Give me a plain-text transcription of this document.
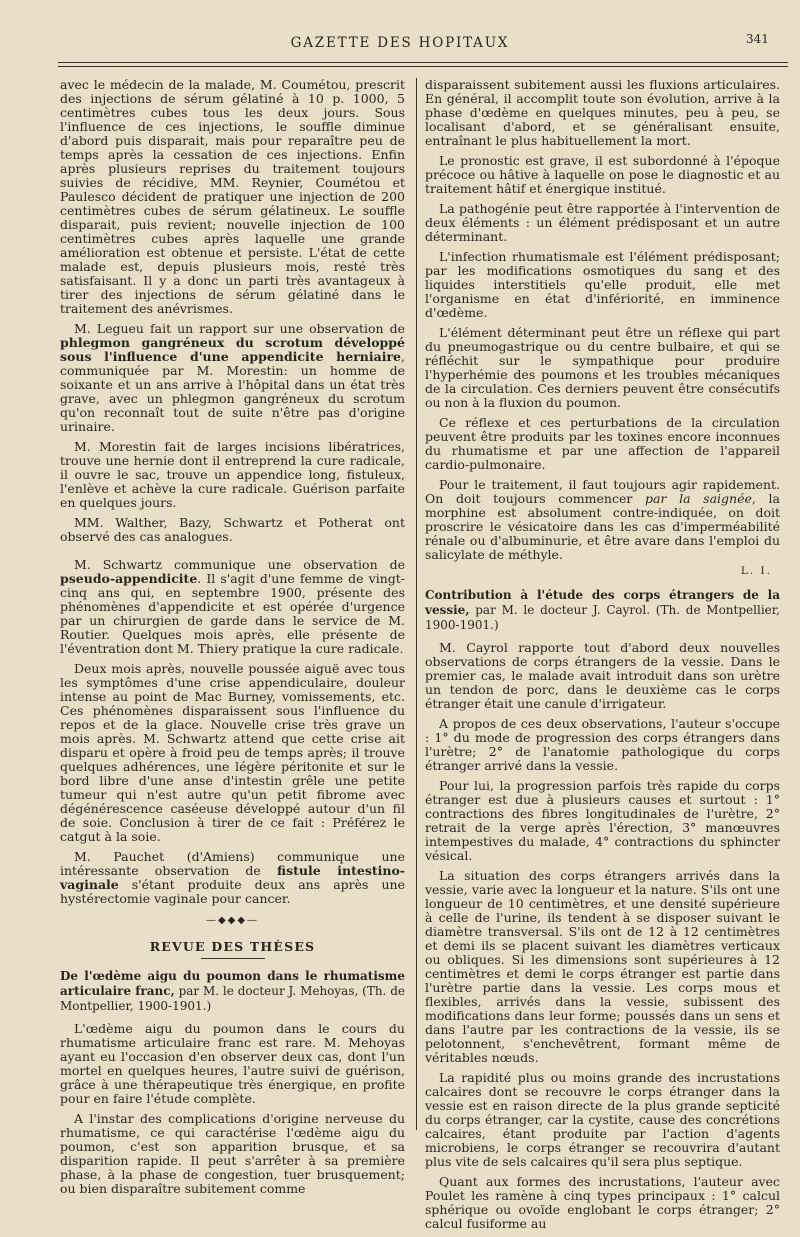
GAZETTE DES HOPITAUX	341

avec le médecin de la malade, M. Coumétou, prescrit des injections de sérum gélatiné à 10 p. 1000, 5 centimètres cubes tous les deux jours. Sous l'influence de ces injections, le souffle diminue d'abord puis disparait, mais pour reparaître peu de temps après la cessation de ces injections. Enfin après plusieurs reprises du traitement toujours suivies de récidive, MM. Reynier, Coumétou et Paulesco décident de pratiquer une injection de 200 centimètres cubes de sérum gélatineux. Le souffle disparait, puis revient; nouvelle injection de 100 centimètres cubes après laquelle une grande amélioration est obtenue et persiste. L'état de cette malade est, depuis plusieurs mois, resté très satisfaisant. Il y a donc un parti très avantageux à tirer des injections de sérum gélatiné dans le traitement des anévrismes.

M. Legueu fait un rapport sur une observation de phlegmon gangréneux du scrotum développé sous l'influence d'une appendicite herniaire, communiquée par M. Morestin: un homme de soixante et un ans arrive à l'hôpital dans un état très grave, avec un phlegmon gangréneux du scrotum qu'on reconnaît tout de suite n'être pas d'origine urinaire.

M. Morestin fait de larges incisions libératrices, trouve une hernie dont il entreprend la cure radicale, il ouvre le sac, trouve un appendice long, fistuleux, l'enlève et achève la cure radicale. Guérison parfaite en quelques jours.

MM. Walther, Bazy, Schwartz et Potherat ont observé des cas analogues.

M. Schwartz communique une observation de pseudo-appendicite. Il s'agit d'une femme de vingt-cinq ans qui, en septembre 1900, présente des phénomènes d'appendicite et est opérée d'urgence par un chirurgien de garde dans le service de M. Routier. Quelques mois après, elle présente de l'éventration dont M. Thiery pratique la cure radicale.

Deux mois après, nouvelle poussée aiguë avec tous les symptômes d'une crise appendiculaire, douleur intense au point de Mac Burney, vomissements, etc. Ces phénomènes disparaissent sous l'influence du repos et de la glace. Nouvelle crise très grave un mois après. M. Schwartz attend que cette crise ait disparu et opère à froid peu de temps après; il trouve quelques adhérences, une légère péritonite et sur le bord libre d'une anse d'intestin grêle une petite tumeur qui n'est autre qu'un petit fibrome avec dégénérescence caséeuse développé autour d'un fil de soie. Conclusion à tirer de ce fait : Préférez le catgut à la soie.

M. Pauchet (d'Amiens) communique une intéressante observation de fistule intestino-vaginale s'étant produite deux ans après une hystérectomie vaginale pour cancer.

—◆◆◆—
REVUE DES THÈSES
De l'œdème aigu du poumon dans le rhumatisme articulaire franc, par M. le docteur J. Mehoyas, (Th. de Montpellier, 1900-1901.)

L'œdème aigu du poumon dans le cours du rhumatisme articulaire franc est rare. M. Mehoyas ayant eu l'occasion d'en observer deux cas, dont l'un mortel en quelques heures, l'autre suivi de guérison, grâce à une thérapeutique très énergique, en profite pour en faire l'étude complète.

A l'instar des complications d'origine nerveuse du rhumatisme, ce qui caractérise l'œdème aigu du poumon, c'est son apparition brusque, et sa disparition rapide. Il peut s'arrêter à sa première phase, à la phase de congestion, tuer brusquement; ou bien disparaître subitement comme

disparaissent subitement aussi les fluxions articulaires. En général, il accomplit toute son évolution, arrive à la phase d'œdème en quelques minutes, peu à peu, se localisant d'abord, et se généralisant ensuite, entraînant le plus habituellement la mort.

Le pronostic est grave, il est subordonné à l'époque précoce ou hâtive à laquelle on pose le diagnostic et au traitement hâtif et énergique institué.

La pathogénie peut être rapportée à l'intervention de deux éléments : un élément prédisposant et un autre déterminant.

L'infection rhumatismale est l'élément prédisposant; par les modifications osmotiques du sang et des liquides interstitiels qu'elle produit, elle met l'organisme en état d'infériorité, en imminence d'œdème.

L'élément déterminant peut être un réflexe qui part du pneumogastrique ou du centre bulbaire, et qui se réfléchit sur le sympathique pour produire l'hyperhémie des poumons et les troubles mécaniques de la circulation. Ces derniers peuvent être consécutifs ou non à la fluxion du poumon.

Ce réflexe et ces perturbations de la circulation peuvent être produits par les toxines encore inconnues du rhumatisme et par une affection de l'appareil cardio-pulmonaire.

Pour le traitement, il faut toujours agir rapidement. On doit toujours commencer par la saignée, la morphine est absolument contre-indiquée, on doit proscrire le vésicatoire dans les cas d'imperméabilité rénale ou d'albuminurie, et être avare dans l'emploi du salicylate de méthyle.

L. I.
Contribution à l'étude des corps étrangers de la vessie, par M. le docteur J. Cayrol. (Th. de Montpellier, 1900-1901.)

M. Cayrol rapporte tout d'abord deux nouvelles observations de corps étrangers de la vessie. Dans le premier cas, le malade avait introduit dans son urètre un tendon de porc, dans le deuxième cas le corps étranger était une canule d'irrigateur.

A propos de ces deux observations, l'auteur s'occupe : 1° du mode de progression des corps étrangers dans l'urètre; 2° de l'anatomie pathologique du corps étranger arrivé dans la vessie.

Pour lui, la progression parfois très rapide du corps étranger est due à plusieurs causes et surtout : 1° contractions des fibres longitudinales de l'urètre, 2° retrait de la verge après l'érection, 3° manœuvres intempestives du malade, 4° contractions du sphincter vésical.

La situation des corps étrangers arrivés dans la vessie, varie avec la longueur et la nature. S'ils ont une longueur de 10 centimètres, et une densité supérieure à celle de l'urine, ils tendent à se disposer suivant le diamètre transversal. S'ils ont de 12 à 12 centimètres et demi ils se placent suivant les diamètres verticaux ou obliques. Si les dimensions sont supérieures à 12 centimètres et demi le corps étranger est partie dans l'urètre partie dans la vessie. Les corps mous et flexibles, arrivés dans la vessie, subissent des modifications dans leur forme; poussés dans un sens et dans l'autre par les contractions de la vessie, ils se pelotonnent, s'enchevêtrent, formant même de véritables nœuds.

La rapidité plus ou moins grande des incrustations calcaires dont se recouvre le corps étranger dans la vessie est en raison directe de la plus grande septicité du corps étranger, car la cystite, cause des concrétions calcaires, étant produite par l'action d'agents microbiens, le corps étranger se recouvrira d'autant plus vite de sels calcaires qu'il sera plus septique.

Quant aux formes des incrustations, l'auteur avec Poulet les ramène à cinq types principaux : 1° calcul sphérique ou ovoïde englobant le corps étranger; 2° calcul fusiforme au
